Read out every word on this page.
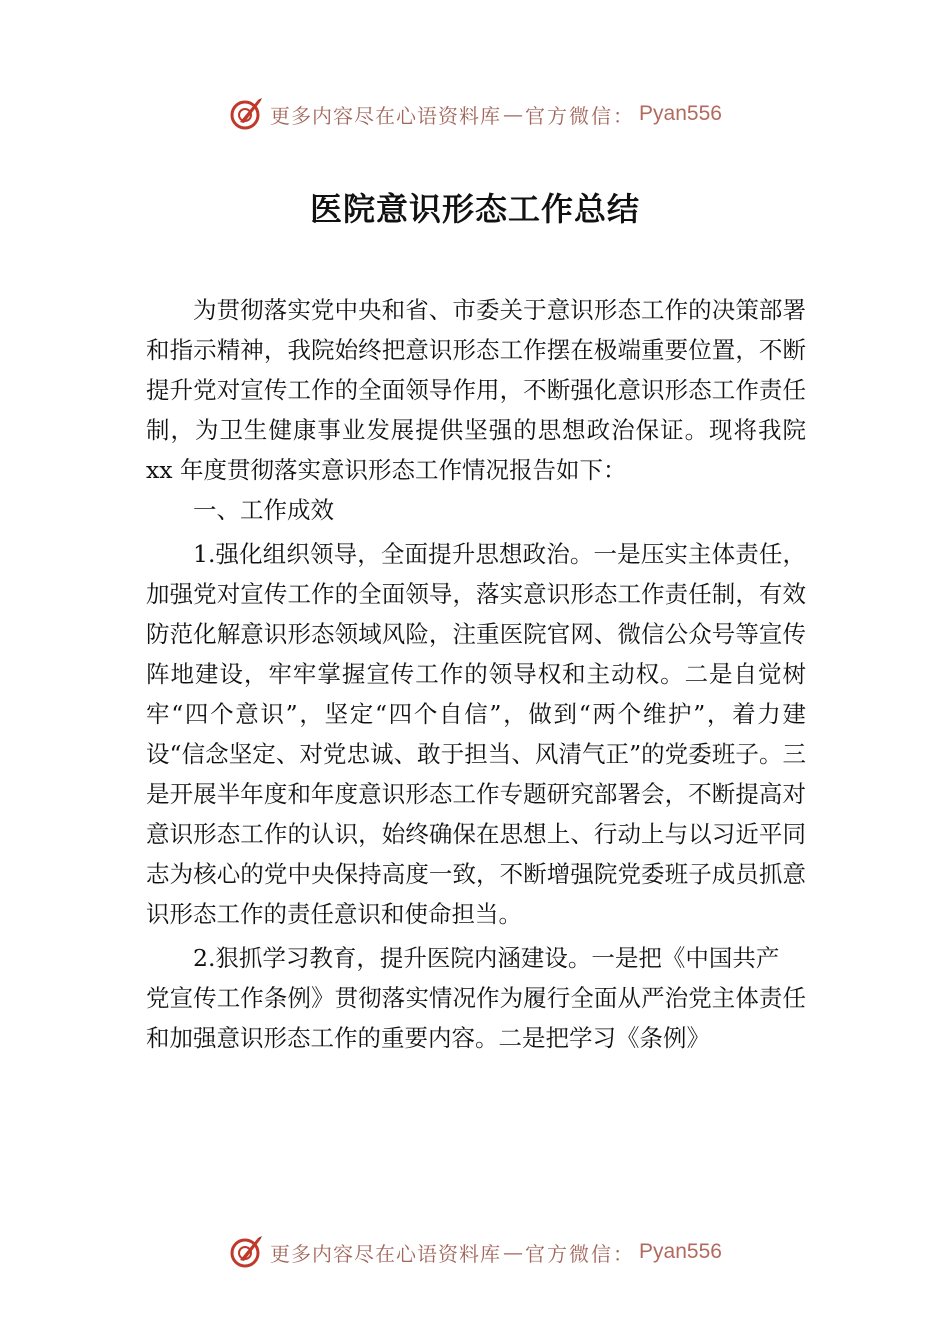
更多内容尽在心语资料库 — 官方微信： Pyan556
医院意识形态工作总结

为贯彻落实党中央和省、市委关于意识形态工作的决策部署和指示精神，我院始终把意识形态工作摆在极端重要位置，不断提升党对宣传工作的全面领导作用，不断强化意识形态工作责任制，为卫生健康事业发展提供坚强的思想政治保证。现将我院 xx 年度贯彻落实意识形态工作情况报告如下：

一、工作成效

1.强化组织领导，全面提升思想政治。一是压实主体责任，加强党对宣传工作的全面领导，落实意识形态工作责任制，有效防范化解意识形态领域风险，注重医院官网、微信公众号等宣传阵地建设，牢牢掌握宣传工作的领导权和主动权。二是自觉树牢“四个意识”，坚定“四个自信”，做到“两个维护”，着力建设“信念坚定、对党忠诚、敢于担当、风清气正”的党委班子。三是开展半年度和年度意识形态工作专题研究部署会，不断提高对意识形态工作的认识，始终确保在思想上、行动上与以习近平同志为核心的党中央保持高度一致，不断增强院党委班子成员抓意识形态工作的责任意识和使命担当。

2.狠抓学习教育，提升医院内涵建设。一是把《中国共产

党宣传工作条例》贯彻落实情况作为履行全面从严治党主体责任和加强意识形态工作的重要内容。二是把学习《条例》

更多内容尽在心语资料库 — 官方微信： Pyan556
